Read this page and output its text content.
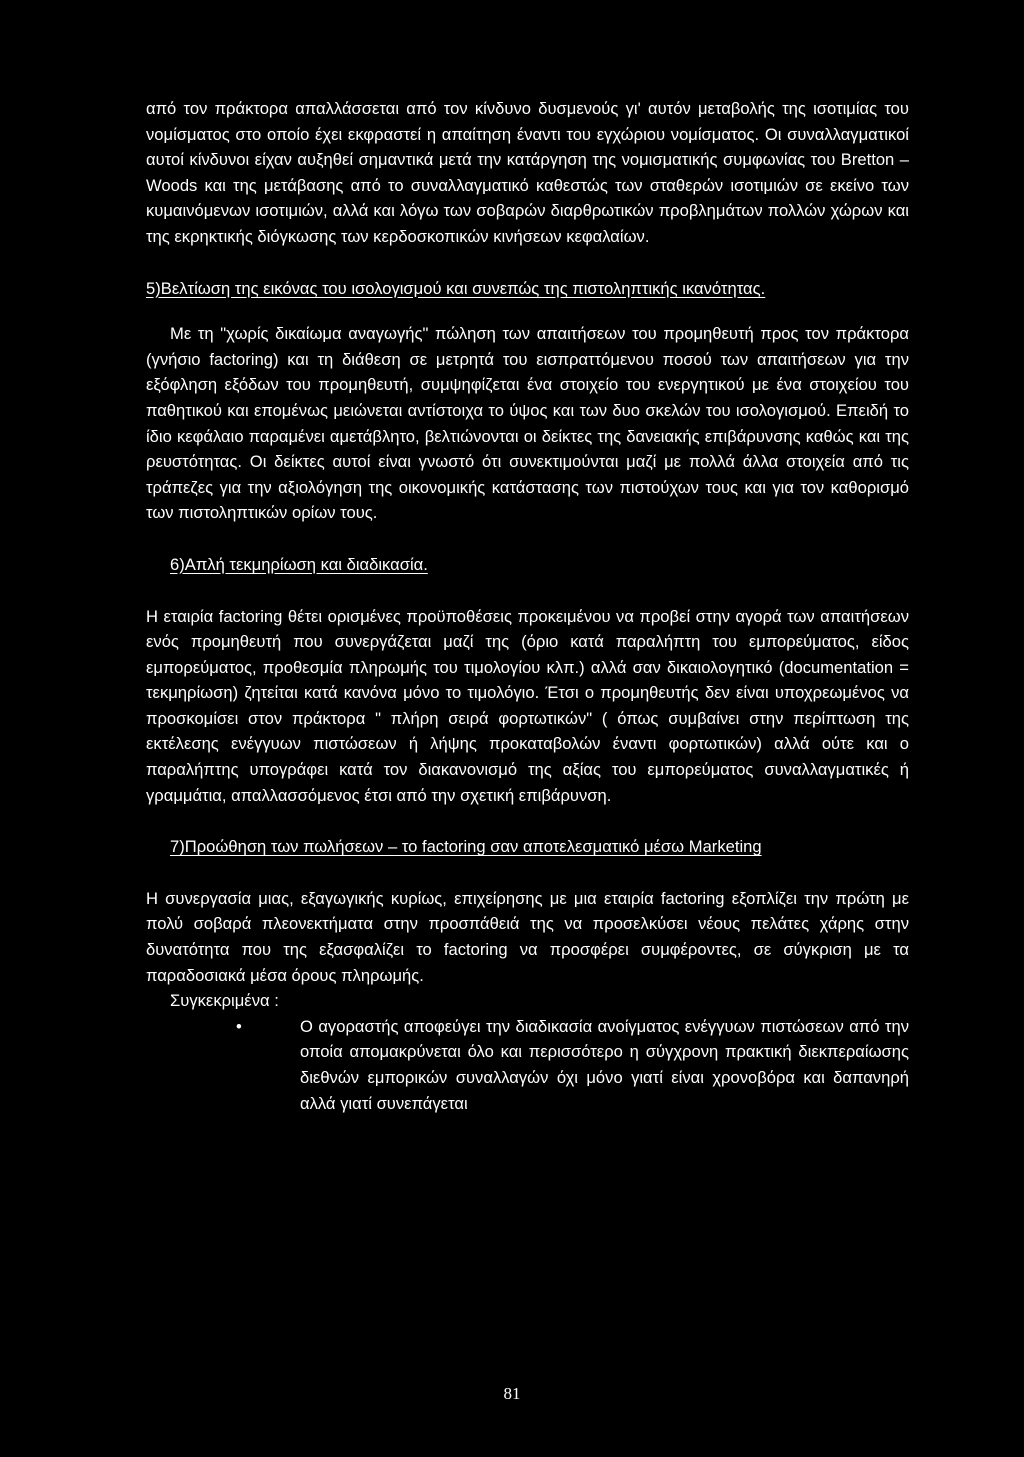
από τον πράκτορα απαλλάσσεται από τον κίνδυνο δυσμενούς γι' αυτόν μεταβολής της ισοτιμίας του νομίσματος στο οποίο έχει εκφραστεί η απαίτηση έναντι του εγχώριου νομίσματος. Οι συναλλαγματικοί αυτοί κίνδυνοι είχαν αυξηθεί σημαντικά μετά την κατάργηση της νομισματικής συμφωνίας του Bretton – Woods και της μετάβασης από το συναλλαγματικό καθεστώς των σταθερών ισοτιμιών σε εκείνο των κυμαινόμενων ισοτιμιών, αλλά και λόγω των σοβαρών διαρθρωτικών προβλημάτων πολλών χώρων και της εκρηκτικής διόγκωσης των κερδοσκοπικών κινήσεων κεφαλαίων.

5)Βελτίωση της εικόνας του ισολογισμού και συνεπώς της πιστοληπτικής ικανότητας.

Με τη "χωρίς δικαίωμα αναγωγής" πώληση των απαιτήσεων του προμηθευτή προς τον πράκτορα (γνήσιο factoring) και τη διάθεση σε μετρητά του εισπραττόμενου ποσού των απαιτήσεων για την εξόφληση εξόδων του προμηθευτή, συμψηφίζεται ένα στοιχείο του ενεργητικού με ένα στοιχείου του παθητικού και επομένως μειώνεται αντίστοιχα το ύψος και των δυο σκελών του ισολογισμού. Επειδή το ίδιο κεφάλαιο παραμένει αμετάβλητο, βελτιώνονται οι δείκτες της δανειακής επιβάρυνσης καθώς και της ρευστότητας. Οι δείκτες αυτοί είναι γνωστό ότι συνεκτιμούνται μαζί με πολλά άλλα στοιχεία από τις τράπεζες για την αξιολόγηση της οικονομικής κατάστασης των πιστούχων τους και για τον καθορισμό των πιστοληπτικών ορίων τους.

6)Απλή τεκμηρίωση και διαδικασία.

Η εταιρία factoring θέτει ορισμένες προϋποθέσεις προκειμένου να προβεί στην αγορά των απαιτήσεων ενός προμηθευτή που συνεργάζεται μαζί της (όριο κατά παραλήπτη του εμπορεύματος, είδος εμπορεύματος, προθεσμία πληρωμής του τιμολογίου κλπ.) αλλά σαν δικαιολογητικό (documentation = τεκμηρίωση) ζητείται κατά κανόνα μόνο το τιμολόγιο. Έτσι ο προμηθευτής δεν είναι υποχρεωμένος να προσκομίσει στον πράκτορα " πλήρη σειρά φορτωτικών" ( όπως συμβαίνει στην περίπτωση της εκτέλεσης ενέγγυων πιστώσεων ή λήψης προκαταβολών έναντι φορτωτικών) αλλά ούτε και ο παραλήπτης υπογράφει κατά τον διακανονισμό της αξίας του εμπορεύματος συναλλαγματικές ή γραμμάτια, απαλλασσόμενος έτσι από την σχετική επιβάρυνση.

7)Προώθηση των πωλήσεων – το factoring σαν αποτελεσματικό μέσω Marketing

Η συνεργασία μιας, εξαγωγικής κυρίως, επιχείρησης με μια εταιρία factoring εξοπλίζει την πρώτη με πολύ σοβαρά πλεονεκτήματα στην προσπάθειά της να προσελκύσει νέους πελάτες χάρης στην δυνατότητα που της εξασφαλίζει το factoring να προσφέρει συμφέροντες, σε σύγκριση με τα παραδοσιακά μέσα όρους πληρωμής.

Συγκεκριμένα :

•	Ο αγοραστής αποφεύγει την διαδικασία ανοίγματος ενέγγυων πιστώσεων από την οποία απομακρύνεται όλο και περισσότερο η σύγχρονη πρακτική διεκπεραίωσης διεθνών εμπορικών συναλλαγών όχι μόνο γιατί είναι χρονοβόρα και δαπανηρή αλλά γιατί συνεπάγεται
81
